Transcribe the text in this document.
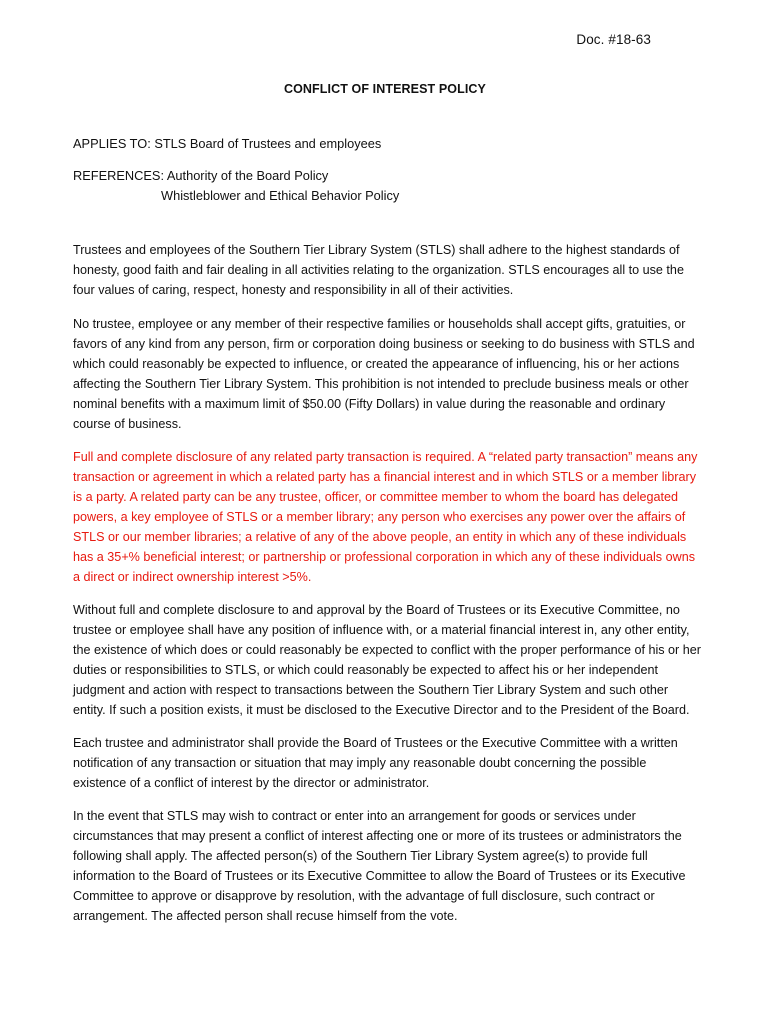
Doc. #18-63
CONFLICT OF INTEREST POLICY
APPLIES TO: STLS Board of Trustees and employees
REFERENCES: Authority of the Board Policy
Whistleblower and Ethical Behavior Policy

Trustees and employees of the Southern Tier Library System (STLS) shall adhere to the highest standards of honesty, good faith and fair dealing in all activities relating to the organization. STLS encourages all to use the four values of caring, respect, honesty and responsibility in all of their activities.

No trustee, employee or any member of their respective families or households shall accept gifts, gratuities, or favors of any kind from any person, firm or corporation doing business or seeking to do business with STLS and which could reasonably be expected to influence, or created the appearance of influencing, his or her actions affecting the Southern Tier Library System. This prohibition is not intended to preclude business meals or other nominal benefits with a maximum limit of $50.00 (Fifty Dollars) in value during the reasonable and ordinary course of business.

Full and complete disclosure of any related party transaction is required. A “related party transaction” means any transaction or agreement in which a related party has a financial interest and in which STLS or a member library is a party. A related party can be any trustee, officer, or committee member to whom the board has delegated powers, a key employee of STLS or a member library; any person who exercises any power over the affairs of STLS or our member libraries; a relative of any of the above people, an entity in which any of these individuals has a 35+% beneficial interest; or partnership or professional corporation in which any of these individuals owns a direct or indirect ownership interest >5%.

Without full and complete disclosure to and approval by the Board of Trustees or its Executive Committee, no trustee or employee shall have any position of influence with, or a material financial interest in, any other entity, the existence of which does or could reasonably be expected to conflict with the proper performance of his or her duties or responsibilities to STLS, or which could reasonably be expected to affect his or her independent judgment and action with respect to transactions between the Southern Tier Library System and such other entity. If such a position exists, it must be disclosed to the Executive Director and to the President of the Board.

Each trustee and administrator shall provide the Board of Trustees or the Executive Committee with a written notification of any transaction or situation that may imply any reasonable doubt concerning the possible existence of a conflict of interest by the director or administrator.

In the event that STLS may wish to contract or enter into an arrangement for goods or services under circumstances that may present a conflict of interest affecting one or more of its trustees or administrators the following shall apply. The affected person(s) of the Southern Tier Library System agree(s) to provide full information to the Board of Trustees or its Executive Committee to allow the Board of Trustees or its Executive Committee to approve or disapprove by resolution, with the advantage of full disclosure, such contract or arrangement. The affected person shall recuse himself from the vote.
